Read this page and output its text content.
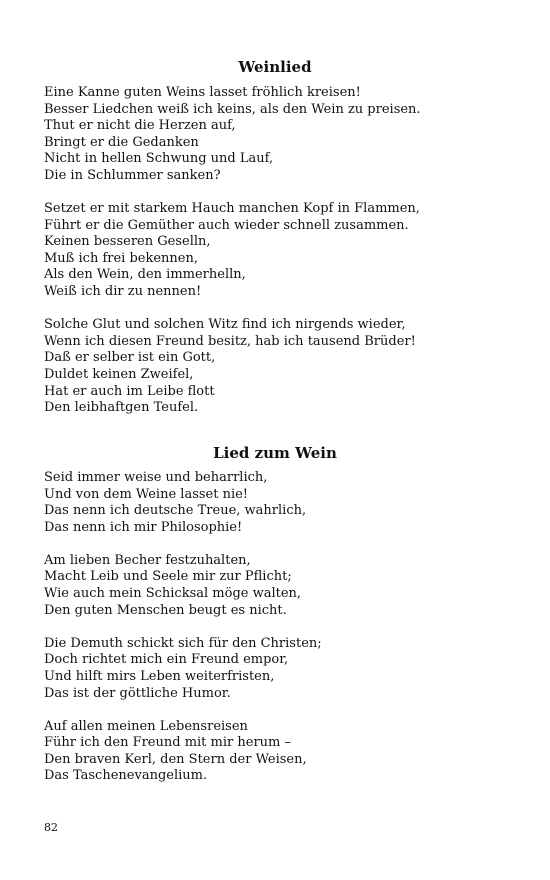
Weinlied
Eine Kanne guten Weins lasset fröhlich kreisen!
Besser Liedchen weiß ich keins, als den Wein zu preisen.
Thut er nicht die Herzen auf,
Bringt er die Gedanken
Nicht in hellen Schwung und Lauf,
Die in Schlummer sanken?
Setzet er mit starkem Hauch manchen Kopf in Flammen,
Führt er die Gemüther auch wieder schnell zusammen.
Keinen besseren Geselln,
Muß ich frei bekennen,
Als den Wein, den immerhelln,
Weiß ich dir zu nennen!
Solche Glut und solchen Witz find ich nirgends wieder,
Wenn ich diesen Freund besitz, hab ich tausend Brüder!
Daß er selber ist ein Gott,
Duldet keinen Zweifel,
Hat er auch im Leibe flott
Den leibhaftgen Teufel.
Lied zum Wein
Seid immer weise und beharrlich,
Und von dem Weine lasset nie!
Das nenn ich deutsche Treue, wahrlich,
Das nenn ich mir Philosophie!
Am lieben Becher festzuhalten,
Macht Leib und Seele mir zur Pflicht;
Wie auch mein Schicksal möge walten,
Den guten Menschen beugt es nicht.
Die Demuth schickt sich für den Christen;
Doch richtet mich ein Freund empor,
Und hilft mirs Leben weiterfristen,
Das ist der göttliche Humor.
Auf allen meinen Lebensreisen
Führ ich den Freund mit mir herum –
Den braven Kerl, den Stern der Weisen,
Das Taschenevangelium.
82
